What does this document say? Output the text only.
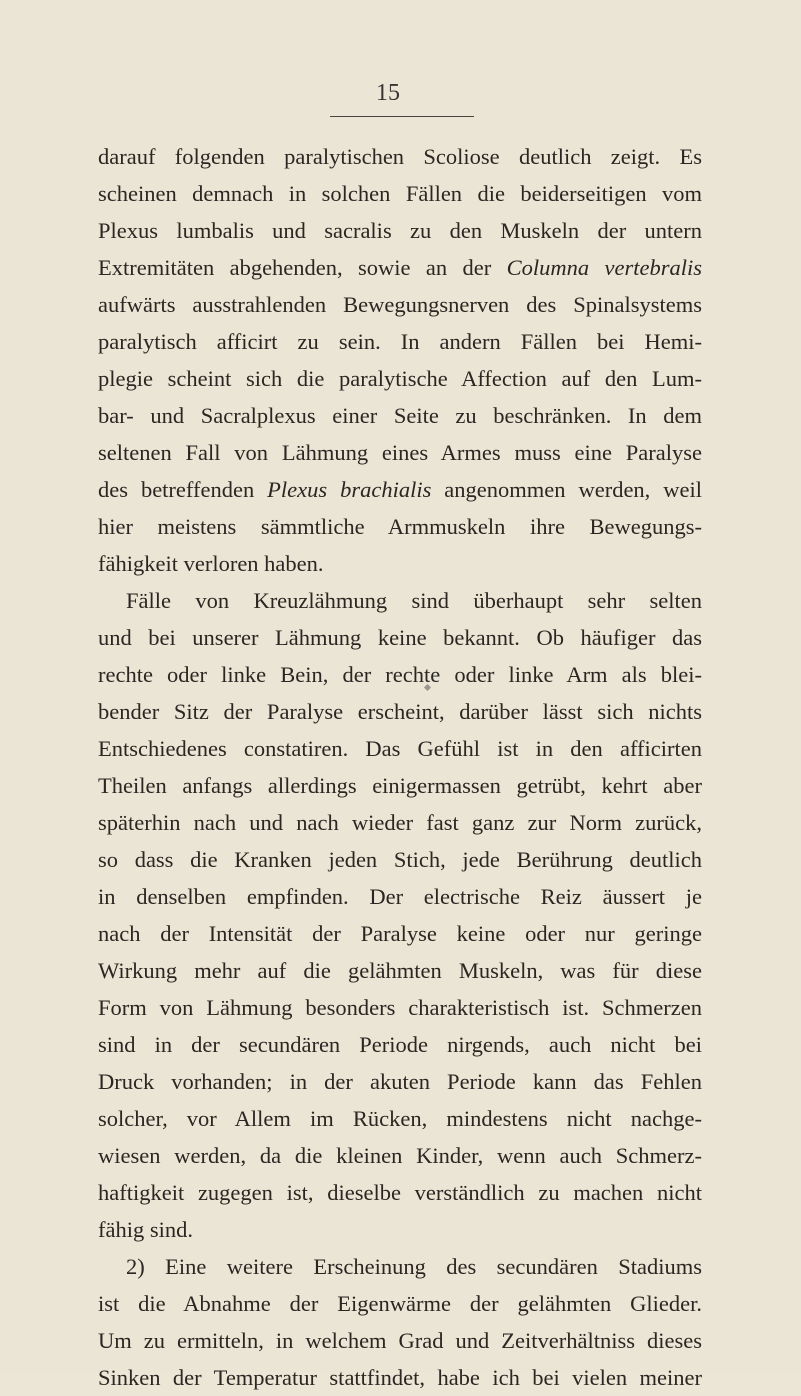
15
darauf folgenden paralytischen Scoliose deutlich zeigt. Es
scheinen demnach in solchen Fällen die beiderseitigen vom
Plexus lumbalis und sacralis zu den Muskeln der untern
Extremitäten abgehenden, sowie an der Columna vertebralis
aufwärts ausstrahlenden Bewegungsnerven des Spinalsystems
paralytisch afficirt zu sein. In andern Fällen bei Hemi-
plegie scheint sich die paralytische Affection auf den Lum-
bar- und Sacralplexus einer Seite zu beschränken. In dem
seltenen Fall von Lähmung eines Armes muss eine Paralyse
des betreffenden Plexus brachialis angenommen werden, weil
hier meistens sämmtliche Armmuskeln ihre Bewegungs-
fähigkeit verloren haben.
Fälle von Kreuzlähmung sind überhaupt sehr selten
und bei unserer Lähmung keine bekannt. Ob häufiger das
rechte oder linke Bein, der rechte oder linke Arm als blei-
bender Sitz der Paralyse erscheint, darüber lässt sich nichts
Entschiedenes constatiren. Das Gefühl ist in den afficirten
Theilen anfangs allerdings einigermassen getrübt, kehrt aber
späterhin nach und nach wieder fast ganz zur Norm zurück,
so dass die Kranken jeden Stich, jede Berührung deutlich
in denselben empfinden. Der electrische Reiz äussert je
nach der Intensität der Paralyse keine oder nur geringe
Wirkung mehr auf die gelähmten Muskeln, was für diese
Form von Lähmung besonders charakteristisch ist. Schmerzen
sind in der secundären Periode nirgends, auch nicht bei
Druck vorhanden; in der akuten Periode kann das Fehlen
solcher, vor Allem im Rücken, mindestens nicht nachge-
wiesen werden, da die kleinen Kinder, wenn auch Schmerz-
haftigkeit zugegen ist, dieselbe verständlich zu machen nicht
fähig sind.
2) Eine weitere Erscheinung des secundären Stadiums
ist die Abnahme der Eigenwärme der gelähmten Glieder.
Um zu ermitteln, in welchem Grad und Zeitverhältniss dieses
Sinken der Temperatur stattfindet, habe ich bei vielen meiner
